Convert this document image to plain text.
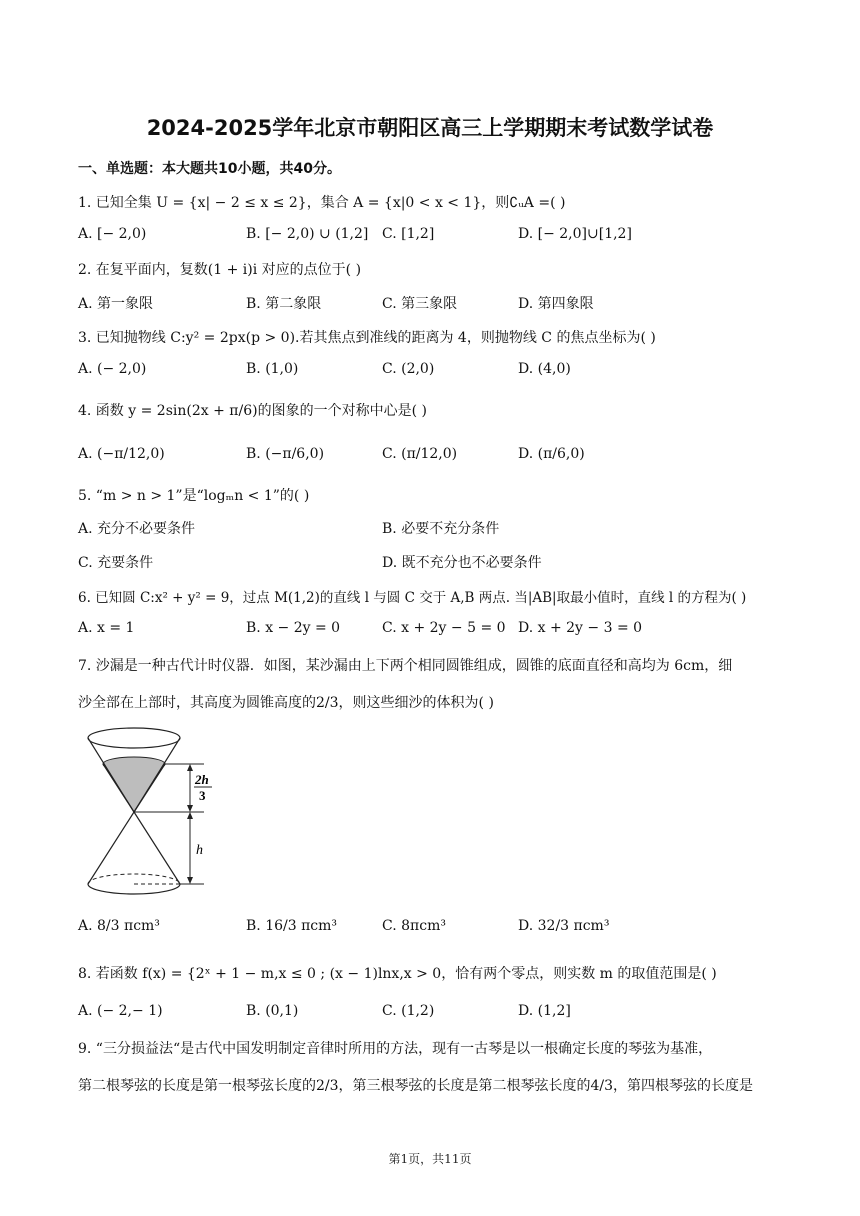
2024-2025学年北京市朝阳区高三上学期期末考试数学试卷
一、单选题：本大题共10小题，共40分。
1. 已知全集 U = {x| − 2 ≤ x ≤ 2}，集合 A = {x|0 < x < 1}，则∁ᵤA =( )
A. [− 2,0)	B. [− 2,0) ∪ (1,2] C. [1,2]	D. [− 2,0]∪[1,2]
2. 在复平面内，复数(1 + i)i 对应的点位于( )
A. 第一象限	B. 第二象限	C. 第三象限	D. 第四象限
3. 已知抛物线 C:y² = 2px(p > 0).若其焦点到准线的距离为 4，则抛物线 C 的焦点坐标为( )
A. (− 2,0)	B. (1,0)	C. (2,0)	D. (4,0)
4. 函数 y = 2sin(2x + π/6)的图象的一个对称中心是( )
A. (−π/12,0)	B. (−π/6,0)	C. (π/12,0)	D. (π/6,0)
5. “m > n > 1”是“logₘn < 1”的( )
A. 充分不必要条件	B. 必要不充分条件
C. 充要条件	D. 既不充分也不必要条件
6. 已知圆 C:x² + y² = 9，过点 M(1,2)的直线 l 与圆 C 交于 A,B 两点. 当|AB|取最小值时，直线 l 的方程为( )
A. x = 1	B. x − 2y = 0	C. x + 2y − 5 = 0 D. x + 2y − 3 = 0
7. 沙漏是一种古代计时仪器．如图，某沙漏由上下两个相同圆锥组成，圆锥的底面直径和高均为 6cm，细
沙全部在上部时，其高度为圆锥高度的2/3，则这些细沙的体积为( )
2h
3
h
A. 8/3 πcm³	B. 16/3 πcm³	C. 8πcm³	D. 32/3 πcm³
8. 若函数 f(x) = {2ˣ + 1 − m,x ≤ 0 ; (x − 1)lnx,x > 0，恰有两个零点，则实数 m 的取值范围是( )
A. (− 2,− 1)	B. (0,1)	C. (1,2)	D. (1,2]
9. “三分损益法“是古代中国发明制定音律时所用的方法，现有一古琴是以一根确定长度的琴弦为基准，
第二根琴弦的长度是第一根琴弦长度的2/3，第三根琴弦的长度是第二根琴弦长度的4/3，第四根琴弦的长度是
第1页，共11页
